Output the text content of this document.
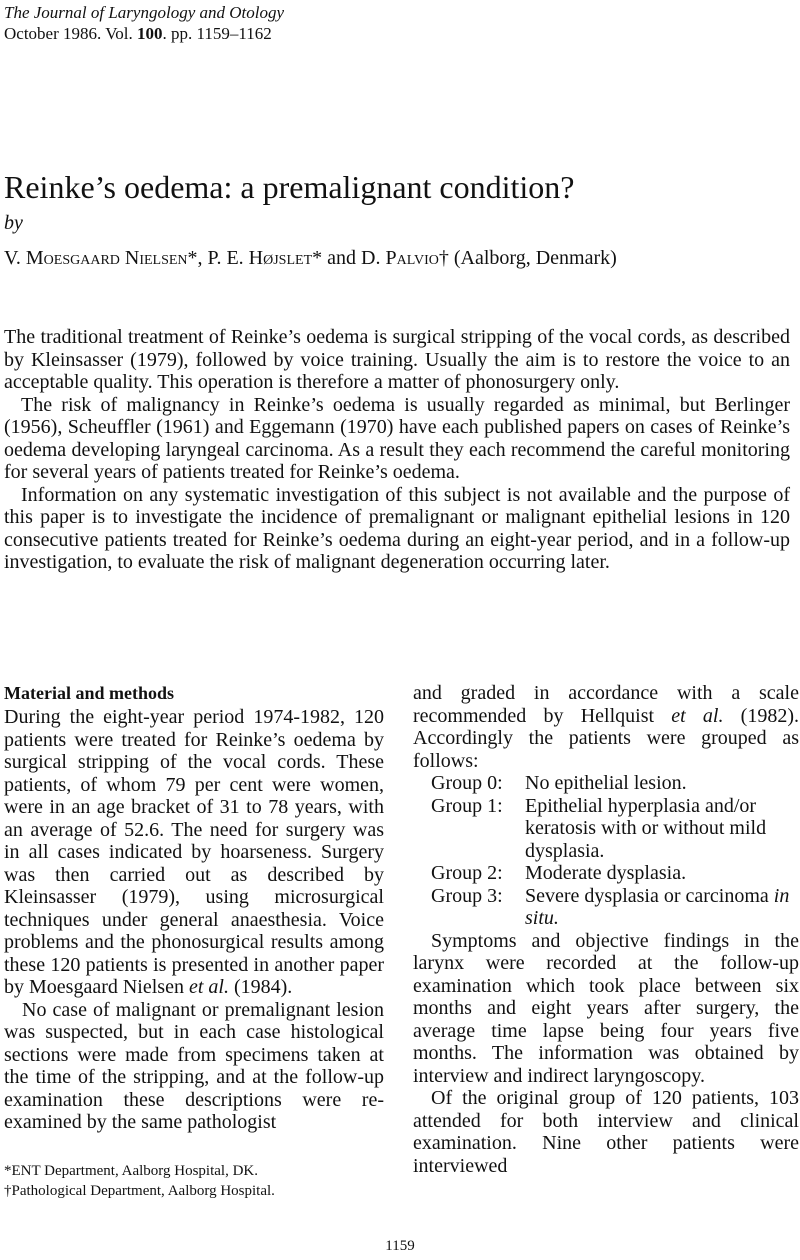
The Journal of Laryngology and Otology
October 1986. Vol. 100. pp. 1159–1162
Reinke’s oedema: a premalignant condition?
by
V. Moesgaard Nielsen*, P. E. Højslet* and D. Palvio† (Aalborg, Denmark)

The traditional treatment of Reinke’s oedema is surgical stripping of the vocal cords, as described by Kleinsasser (1979), followed by voice training. Usually the aim is to restore the voice to an acceptable quality. This operation is therefore a matter of phonosurgery only.

The risk of malignancy in Reinke’s oedema is usually regarded as minimal, but Berlinger (1956), Scheuffler (1961) and Eggemann (1970) have each published papers on cases of Reinke’s oedema developing laryngeal carcinoma. As a result they each recommend the careful monitoring for several years of patients treated for Reinke’s oedema.

Information on any systematic investigation of this subject is not available and the purpose of this paper is to investigate the incidence of premalignant or malignant epithelial lesions in 120 consecutive patients treated for Reinke’s oedema during an eight-year period, and in a follow-up investigation, to evaluate the risk of malignant degeneration occurring later.

Material and methods

During the eight-year period 1974-1982, 120 patients were treated for Reinke’s oedema by surgical stripping of the vocal cords. These patients, of whom 79 per cent were women, were in an age bracket of 31 to 78 years, with an average of 52.6. The need for surgery was in all cases indicated by hoarseness. Surgery was then carried out as described by Kleinsasser (1979), using microsurgical techniques under general anaesthesia. Voice problems and the phonosurgical results among these 120 patients is presented in another paper by Moesgaard Nielsen et al. (1984).

No case of malignant or premalignant lesion was suspected, but in each case histological sections were made from specimens taken at the time of the stripping, and at the follow-up examination these descriptions were re-examined by the same pathologist

and graded in accordance with a scale recommended by Hellquist et al. (1982). Accordingly the patients were grouped as follows:

Group 0:	No epithelial lesion.
Group 1:	Epithelial hyperplasia and/or keratosis with or without mild dysplasia.
Group 2:	Moderate dysplasia.
Group 3:	Severe dysplasia or carcinoma in situ.

Symptoms and objective findings in the larynx were recorded at the follow-up examination which took place between six months and eight years after surgery, the average time lapse being four years five months. The information was obtained by interview and indirect laryngoscopy.

Of the original group of 120 patients, 103 attended for both interview and clinical examination. Nine other patients were interviewed

*ENT Department, Aalborg Hospital, DK.
†Pathological Department, Aalborg Hospital.
1159
